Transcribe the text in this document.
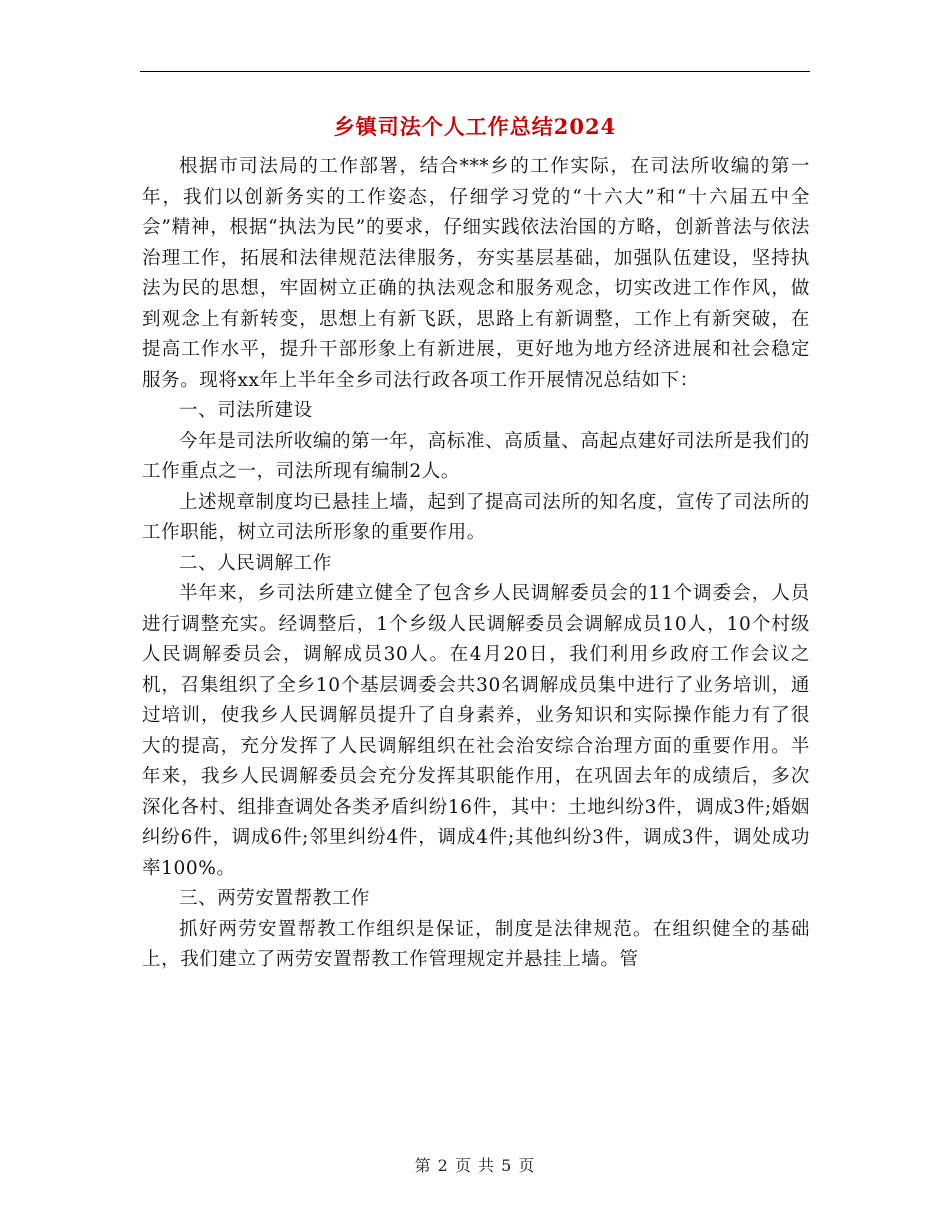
乡镇司法个人工作总结2024

根据市司法局的工作部署，结合***乡的工作实际，在司法所收编的第一年，我们以创新务实的工作姿态，仔细学习党的“十六大”和“十六届五中全会”精神，根据“执法为民”的要求，仔细实践依法治国的方略，创新普法与依法治理工作，拓展和法律规范法律服务，夯实基层基础，加强队伍建设，坚持执法为民的思想，牢固树立正确的执法观念和服务观念，切实改进工作作风，做到观念上有新转变，思想上有新飞跃，思路上有新调整，工作上有新突破，在提高工作水平，提升干部形象上有新进展，更好地为地方经济进展和社会稳定服务。现将xx年上半年全乡司法行政各项工作开展情况总结如下：

一、司法所建设

今年是司法所收编的第一年，高标准、高质量、高起点建好司法所是我们的工作重点之一，司法所现有编制2人。

上述规章制度均已悬挂上墙，起到了提高司法所的知名度，宣传了司法所的工作职能，树立司法所形象的重要作用。

二、人民调解工作

半年来，乡司法所建立健全了包含乡人民调解委员会的11个调委会，人员进行调整充实。经调整后，1个乡级人民调解委员会调解成员10人，10个村级人民调解委员会，调解成员30人。在4月20日，我们利用乡政府工作会议之机，召集组织了全乡10个基层调委会共30名调解成员集中进行了业务培训，通过培训，使我乡人民调解员提升了自身素养，业务知识和实际操作能力有了很大的提高，充分发挥了人民调解组织在社会治安综合治理方面的重要作用。半年来，我乡人民调解委员会充分发挥其职能作用，在巩固去年的成绩后，多次深化各村、组排查调处各类矛盾纠纷16件，其中：土地纠纷3件，调成3件;婚姻纠纷6件，调成6件;邻里纠纷4件，调成4件;其他纠纷3件，调成3件，调处成功率100%。

三、两劳安置帮教工作

抓好两劳安置帮教工作组织是保证，制度是法律规范。在组织健全的基础上，我们建立了两劳安置帮教工作管理规定并悬挂上墙。管

第 2 页 共 5 页
